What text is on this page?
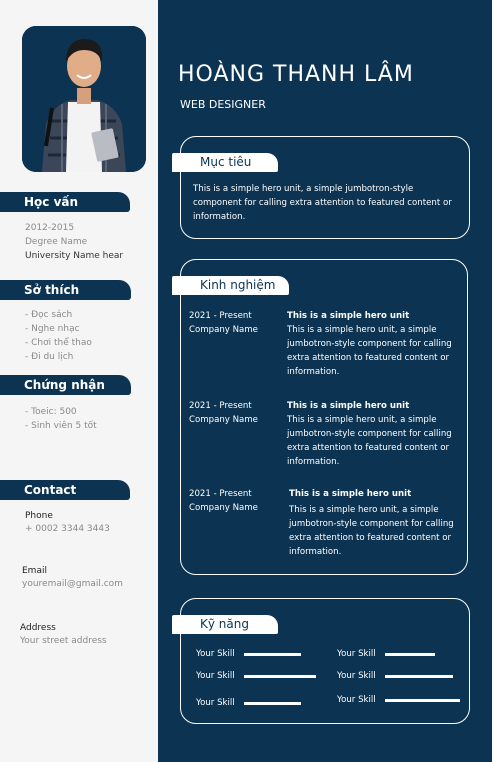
Học vấn
2012-2015
Degree Name
University Name hear
Sở thích
- Đọc sách
- Nghe nhạc
- Chơi thể thao
- Đi du lịch
Chứng nhận
- Toeic: 500
- Sinh viên 5 tốt
Contact
Phone
+ 0002 3344 3443
Email
youremail@gmail.com
Address
Your street address
HOÀNG THANH LÂM
WEB DESIGNER
Mục tiêu
This is a simple hero unit, a simple jumbotron-style component for calling extra attention to featured content or information.
Kinh nghiệm
2021 - Present
Company Name
This is a simple hero unit
This is a simple hero unit, a simple jumbotron-style component for calling extra attention to featured content or information.
2021 - Present
Company Name
This is a simple hero unit
This is a simple hero unit, a simple jumbotron-style component for calling extra attention to featured content or information.
2021 - Present
Company Name
This is a simple hero unit
This is a simple hero unit, a simple jumbotron-style component for calling extra attention to featured content or information.
Kỹ năng
Your Skill
Your Skill
Your Skill
Your Skill
Your Skill
Your Skill
